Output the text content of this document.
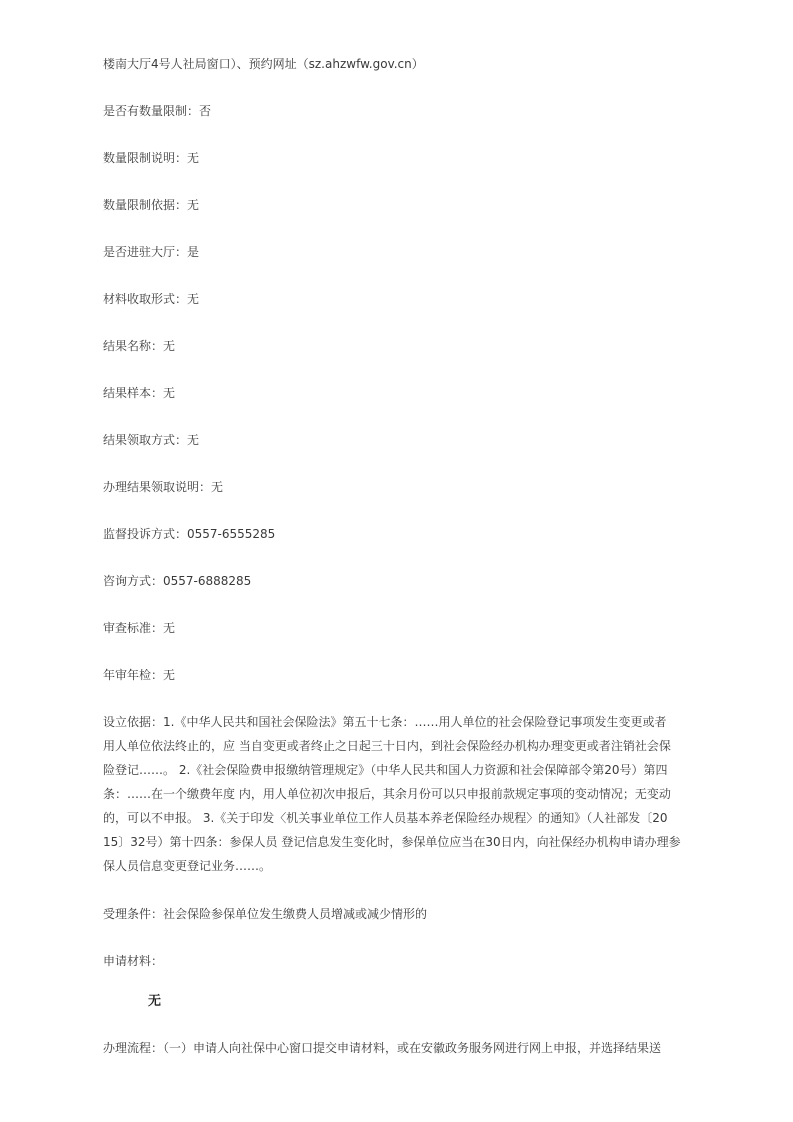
楼南大厅4号人社局窗口）、预约网址（sz.ahzwfw.gov.cn）
是否有数量限制：否
数量限制说明：无
数量限制依据：无
是否进驻大厅：是
材料收取形式：无
结果名称：无
结果样本：无
结果领取方式：无
办理结果领取说明：无
监督投诉方式：0557-6555285
咨询方式：0557-6888285
审查标准：无
年审年检：无
设立依据：1.《中华人民共和国社会保险法》第五十七条：……用人单位的社会保险登记事项发生变更或者
用人单位依法终止的，应 当自变更或者终止之日起三十日内，到社会保险经办机构办理变更或者注销社会保
险登记……。 2.《社会保险费申报缴纳管理规定》（中华人民共和国人力资源和社会保障部令第20号）第四
条：……在一个缴费年度 内，用人单位初次申报后，其余月份可以只申报前款规定事项的变动情况；无变动
的，可以不申报。 3.《关于印发〈机关事业单位工作人员基本养老保险经办规程〉的通知》（人社部发〔20
15〕32号）第十四条：参保人员 登记信息发生变化时，参保单位应当在30日内，向社保经办机构申请办理参
保人员信息变更登记业务……。
受理条件：社会保险参保单位发生缴费人员增减或减少情形的
申请材料：
无
办理流程：（一）申请人向社保中心窗口提交申请材料，或在安徽政务服务网进行网上申报，并选择结果送
